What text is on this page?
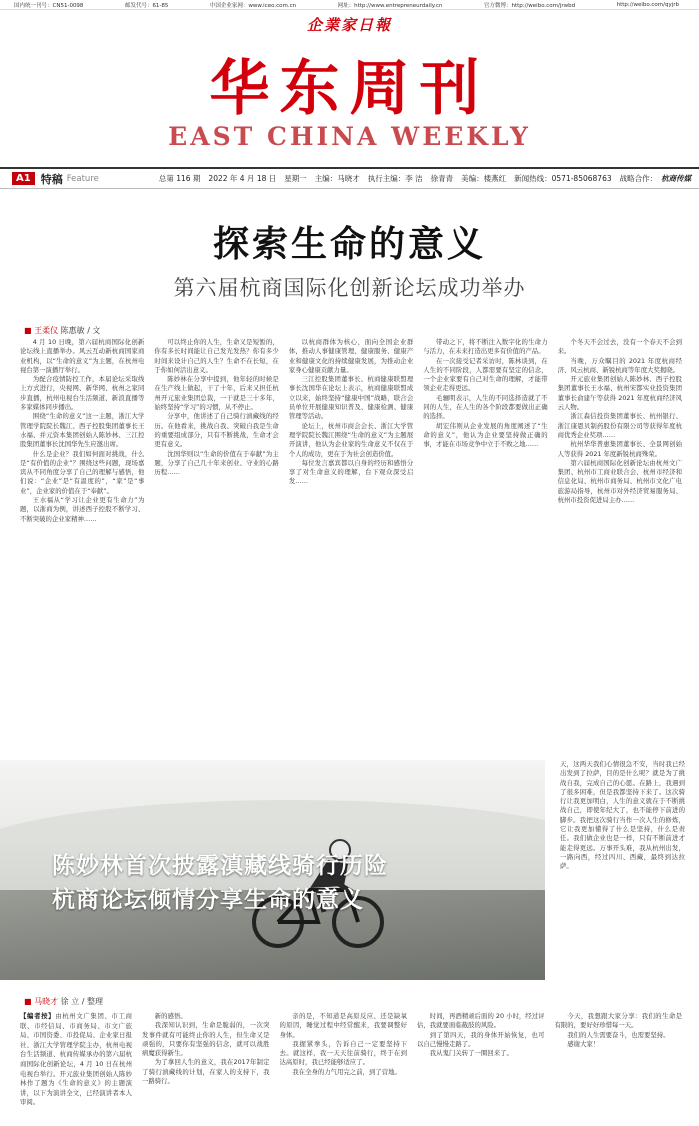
国内统一刊号：CN51-0098	邮发代号：61-85	中国企业家网：www.iceo.com.cn	网址：http://www.entrepreneurdaily.cn	官方微博：http://weibo.com/jrwbd	http://weibo.com/qyjrb
企業家日報
华东周刊
EAST CHINA WEEKLY
A1 特稿 Feature	总第 116 期 2022 年 4 月 18 日 星期一 主编：马晓才 执行主编：李 洁 徐青青 美编：楼燕红 新闻热线：0571-85068763 战略合作： 杭商传媒
探索生命的意义
第六届杭商国际化创新论坛成功举办
■ 王柔仪 陈惠敏 / 文

4 月 10 日晚，第六届杭商国际化创新论坛线上直播举办。风云互动新杭商国家商业机构，以“生命的意义”为主题，在杭州电视台第一演播厅举行。

为配合疫情防控工作，本届论坛采取线上方式进行，央视网、新华网、杭州之家同步直播，杭州电视台生活频道、新浪直播等多家媒体同步播出。

围绕“生命的意义”这一主题，浙江大学管理学院院长魏江、西子控股集团董事长王水福、并元资本集团创始人陈妙林、三江控股集团董事长沈国华先生应邀出席。

什么是企业？我们如何面对挑战，什么是“有价值的企业”？围绕这些问题，现场嘉宾从不同角度分享了自己的理解与感悟，他们说：“企业”是“有温度的”，“家”是“事业”，企业家的价值在于“奉献”。

王水福从“学习让企业更有生命力”为题，以浙商为例，讲述西子控股不断学习、不断突破的企业家精神……

可以终止你的人生，生命又是短暂的，你有多长时间能让自己发光发热？你有多少时间来设计自己的人生？生命不在长短，在于你如何活出意义。

陈妙林在分享中提到，他年轻的时候是在生产线上做起，干了十年，后来又担任杭州开元旅业集团总裁，一干就是三十多年，始终坚持“学习”的习惯，从不停止。

分享中，他讲述了自己骑行滇藏线的经历。在他看来，挑战自我、突破自我是生命的重要组成部分，只有不断挑战，生命才会更有意义。

沈国华则以“生命的价值在于奉献”为主题，分享了自己几十年来创业、守业的心路历程……

以杭商群体为核心，面向全国企业群体，推动人事健康管理、健康服务、健康产业和健康文化的持续健康发展，为推动企业家身心健康贡献力量。

三江控股集团董事长、杭商健康联盟理事长沈国华在论坛上表示，杭商健康联盟成立以来，始终坚持“健康中国”战略，联合会员单位开展健康知识普及、健康检测、健康管理等活动。

论坛上，杭州市商会会长、浙江大学管理学院院长魏江围绕“生命的意义”为主题展开演讲，他认为企业家的生命意义不仅在于个人的成功，更在于为社会创造价值。

每位发言嘉宾都以自身的经历和感悟分享了对生命意义的理解，台下观众深受启发……

带动之下，将不断注入数字化的生命力与活力，在未来打造出更多有价值的产品。

在一次接受记者采访时，陈林谈到，在人生的不同阶段，人都需要有坚定的信念，一个企业家要有自己对生命的理解，才能带领企业走得更远。

毛骊明表示，人生的不同选择造就了不同的人生，在人生的各个阶段都要做出正确的选择。

胡宏伟则从企业发展的角度阐述了“生命的意义”，他认为企业要坚持做正确的事，才能在市场竞争中立于不败之地……

个冬天不会过去，没有一个春天不会到来。

当晚，万众瞩目的 2021 年度杭商经济、风云杭商、新锐杭商等年度大奖揭晓。

开元旅业集团创始人陈妙林、西子控股集团董事长王水福、杭州宋都实业投资集团董事长俞建午等获得 2021 年度杭商经济风云人物。

浙江森信投资集团董事长、杭州银行、浙江康恩贝制药股份有限公司等获得年度杭商优秀企业奖项……

杭州华华普惠集团董事长、全景网创始人等获得 2021 年度新锐杭商殊荣。

第六届杭商国际化创新论坛由杭州文广集团、杭州市工商业联合会、杭州市经济和信息化局、杭州市商务局、杭州市文化广电旅游局指导，杭州市对外经济贸易服务局、杭州市投资促进局主办……

陈妙林首次披露滇藏线骑行历险
杭商论坛倾情分享生命的意义
天，这两天我们心情很急不安，当时我已经出发到了拉萨，目的是什么呢？就是为了挑战自我，完成自己的心愿。在路上，我遇到了很多困难，但是我都坚持下来了。这次骑行让我更加明白，人生的意义就在于不断挑战自己，即使年纪大了，也不能停下前进的脚步。我把这次骑行当作一次人生的修炼，它让我更加懂得了什么是坚持，什么是责任。我们做企业也是一样，只有不断前进才能走得更远。万事开头难，我从杭州出发，一路向西，经过四川、西藏，最终到达拉萨。
■ 马晓才 徐 立 / 整理
【编者按】由杭州文广集团、市工商联、市经信局、市商务局、市文广旅局、市国资委、市投促局、企业家日报社、浙江大学管理学院主办，杭州电视台生活频道、杭商传媒承办的第六届杭商国际化创新论坛，4 月 10 日在杭州电视台举行。开元旅业集团创始人陈妙林作了题为《生命的意义》的主题演讲，以下为演讲全文，已经演讲者本人审阅。

新的感悟。

我深知认识到，生命是脆弱的，一次突发事件就有可能终止你的人生，但生命又是顽强的，只要你有坚强的信念，就可以战胜病魔获得新生。

为了拿回人生的意义，我在2017年制定了骑行滇藏线的计划，在家人的支持下，我一路骑行。

亲的是，不知道是高原反应、还是缺氧的原因，睡觉过程中经常醒来，我要调整好身体。

我握紧拳头，告诉自己一定要坚持下去。就这样，我一天天往前骑行，终于在到达高原时，我已经能够适应了。

我在全身的力气用完之前，到了营地。

时间，再酒精顽后面的 20 小时，经过评估，我就要面临截肢的风险。

到了第四天，我的身体开始恢复，也可以自己慢慢走路了。

我从鬼门关转了一圈回来了。

今天，我想跟大家分享：我们的生命是有限的，要好好珍惜每一天。

我们的人生需要奋斗，也需要坚持。

感谢大家！
